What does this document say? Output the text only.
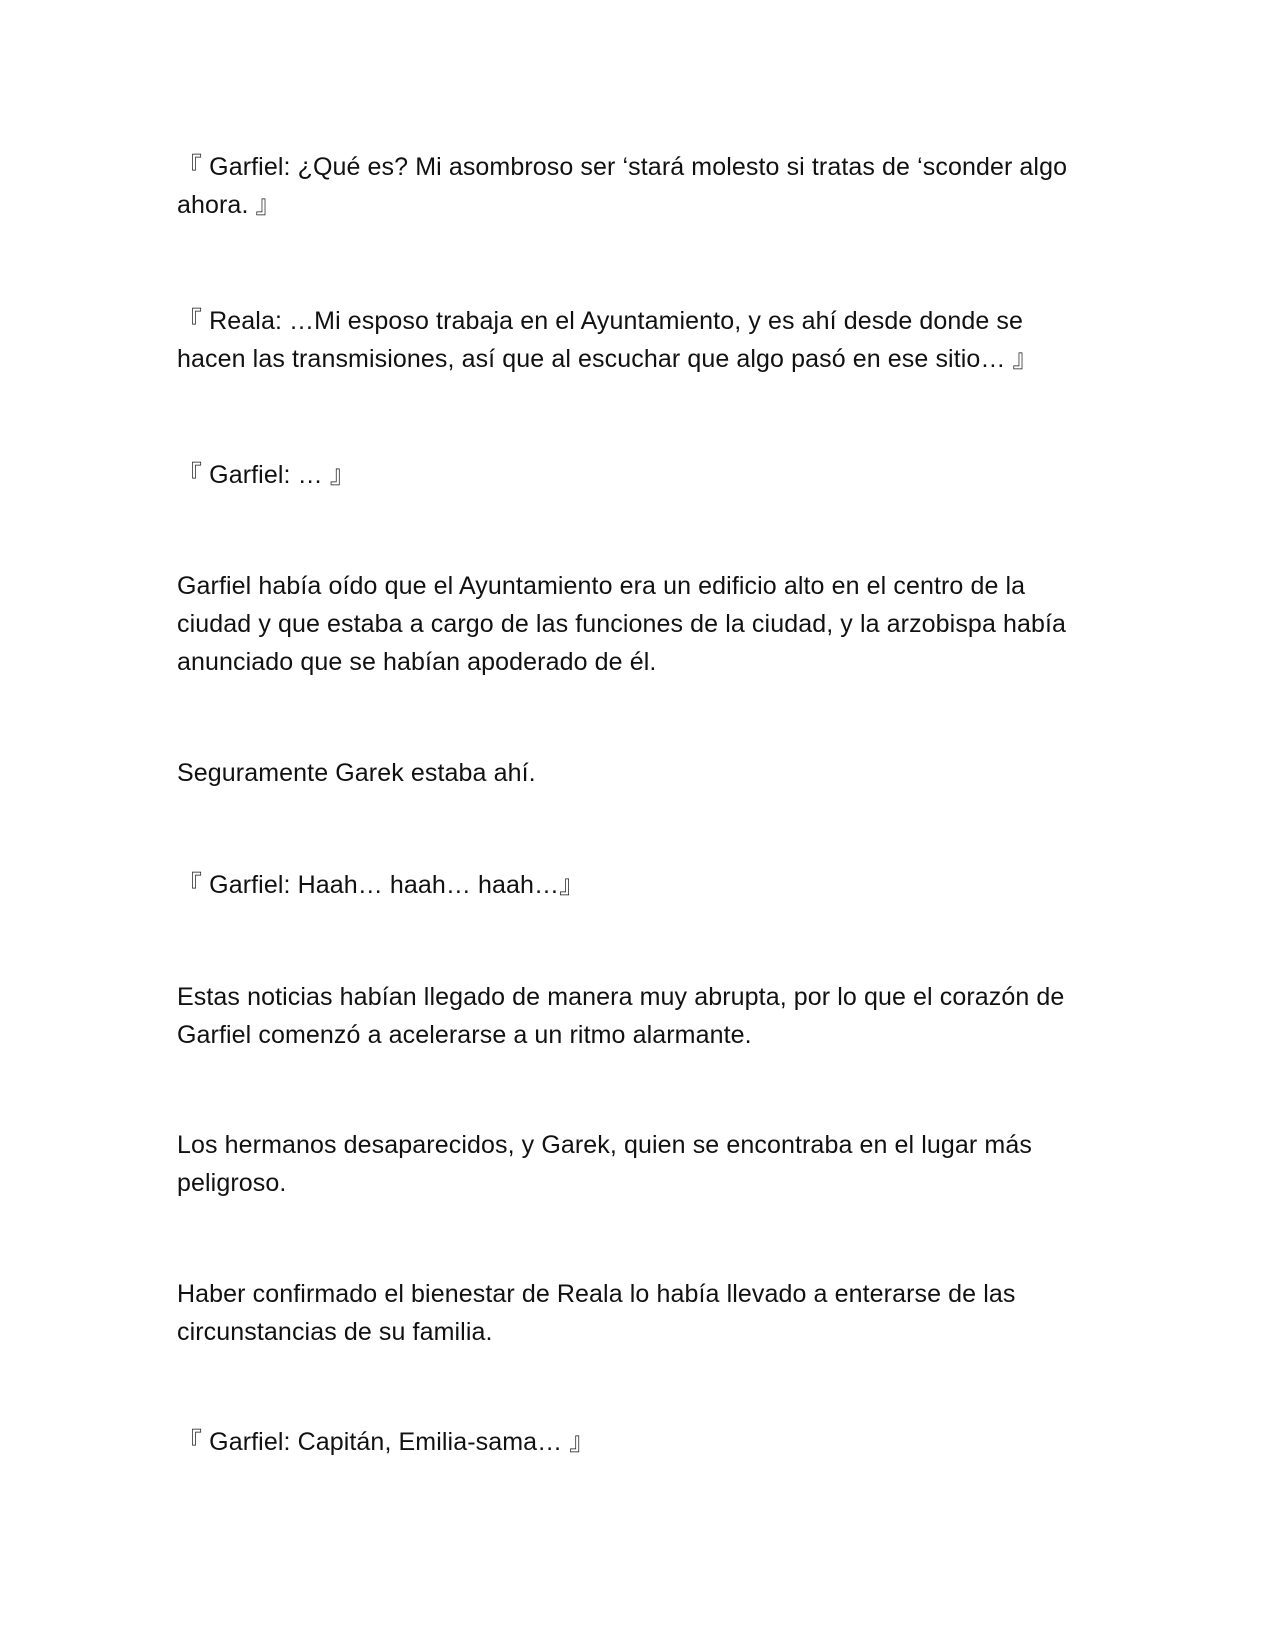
『 Garfiel: ¿Qué es? Mi asombroso ser ‘stará molesto si tratas de ‘sconder algo ahora. 』

『 Reala: …Mi esposo trabaja en el Ayuntamiento, y es ahí desde donde se hacen las transmisiones, así que al escuchar que algo pasó en ese sitio… 』

『 Garfiel: … 』

Garfiel había oído que el Ayuntamiento era un edificio alto en el centro de la ciudad y que estaba a cargo de las funciones de la ciudad, y la arzobispa había anunciado que se habían apoderado de él.

Seguramente Garek estaba ahí.

『 Garfiel: Haah… haah… haah…』

Estas noticias habían llegado de manera muy abrupta, por lo que el corazón de Garfiel comenzó a acelerarse a un ritmo alarmante.

Los hermanos desaparecidos, y Garek, quien se encontraba en el lugar más peligroso.

Haber confirmado el bienestar de Reala lo había llevado a enterarse de las circunstancias de su familia.

『 Garfiel: Capitán, Emilia-sama… 』
